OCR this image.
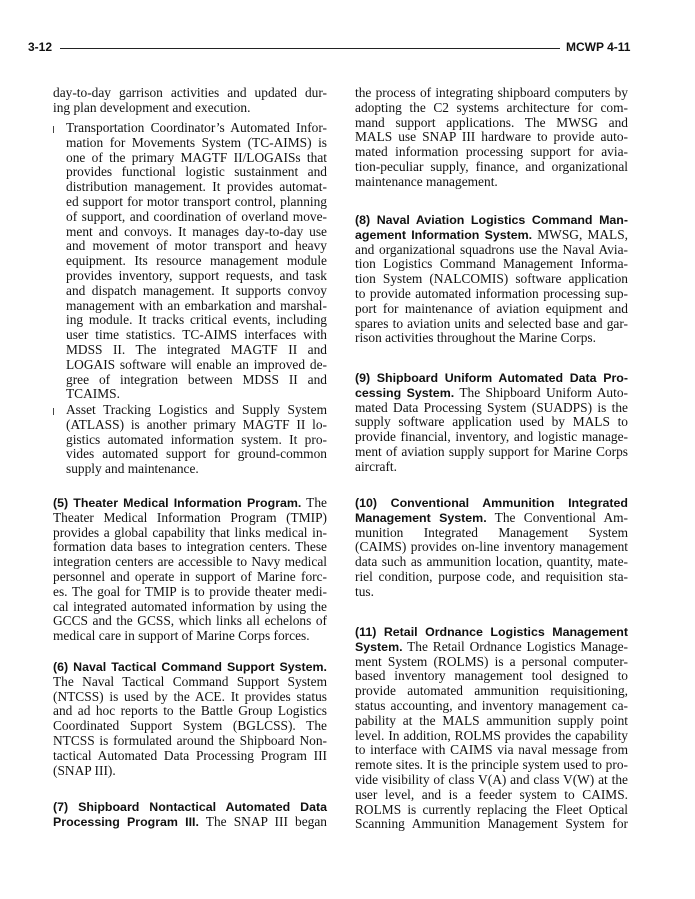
3-12	MCWP 4-11
day-to-day garrison activities and updated dur-
ing plan development and execution.
Transportation Coordinator’s Automated Infor-
mation for Movements System (TC-AIMS) is
one of the primary MAGTF II/LOGAISs that
provides functional logistic sustainment and
distribution management. It provides automat-
ed support for motor transport control, planning
of support, and coordination of overland move-
ment and convoys. It manages day-to-day use
and movement of motor transport and heavy
equipment. Its resource management module
provides inventory, support requests, and task
and dispatch management. It supports convoy
management with an embarkation and marshal-
ing module. It tracks critical events, including
user time statistics. TC-AIMS interfaces with
MDSS II. The integrated MAGTF II and
LOGAIS software will enable an improved de-
gree of integration between MDSS II and
TCAIMS.
Asset Tracking Logistics and Supply System
(ATLASS) is another primary MAGTF II lo-
gistics automated information system. It pro-
vides automated support for ground-common
supply and maintenance.
(5) Theater Medical Information Program. The
Theater Medical Information Program (TMIP)
provides a global capability that links medical in-
formation data bases to integration centers. These
integration centers are accessible to Navy medical
personnel and operate in support of Marine forc-
es. The goal for TMIP is to provide theater medi-
cal integrated automated information by using the
GCCS and the GCSS, which links all echelons of
medical care in support of Marine Corps forces.
(6) Naval Tactical Command Support System.
The Naval Tactical Command Support System
(NTCSS) is used by the ACE. It provides status
and ad hoc reports to the Battle Group Logistics
Coordinated Support System (BGLCSS). The
NTCSS is formulated around the Shipboard Non-
tactical Automated Data Processing Program III
(SNAP III).
(7) Shipboard Nontactical Automated Data
Processing Program III. The SNAP III began
the process of integrating shipboard computers by
adopting the C2 systems architecture for com-
mand support applications. The MWSG and
MALS use SNAP III hardware to provide auto-
mated information processing support for avia-
tion-peculiar supply, finance, and organizational
maintenance management.
(8) Naval Aviation Logistics Command Man-
agement Information System. MWSG, MALS,
and organizational squadrons use the Naval Avia-
tion Logistics Command Management Informa-
tion System (NALCOMIS) software application
to provide automated information processing sup-
port for maintenance of aviation equipment and
spares to aviation units and selected base and gar-
rison activities throughout the Marine Corps.
(9) Shipboard Uniform Automated Data Pro-
cessing System. The Shipboard Uniform Auto-
mated Data Processing System (SUADPS) is the
supply software application used by MALS to
provide financial, inventory, and logistic manage-
ment of aviation supply support for Marine Corps
aircraft.
(10) Conventional Ammunition Integrated
Management System. The Conventional Am-
munition Integrated Management System
(CAIMS) provides on-line inventory management
data such as ammunition location, quantity, mate-
riel condition, purpose code, and requisition sta-
tus.
(11) Retail Ordnance Logistics Management
System. The Retail Ordnance Logistics Manage-
ment System (ROLMS) is a personal computer-
based inventory management tool designed to
provide automated ammunition requisitioning,
status accounting, and inventory management ca-
pability at the MALS ammunition supply point
level. In addition, ROLMS provides the capability
to interface with CAIMS via naval message from
remote sites. It is the principle system used to pro-
vide visibility of class V(A) and class V(W) at the
user level, and is a feeder system to CAIMS.
ROLMS is currently replacing the Fleet Optical
Scanning Ammunition Management System for
